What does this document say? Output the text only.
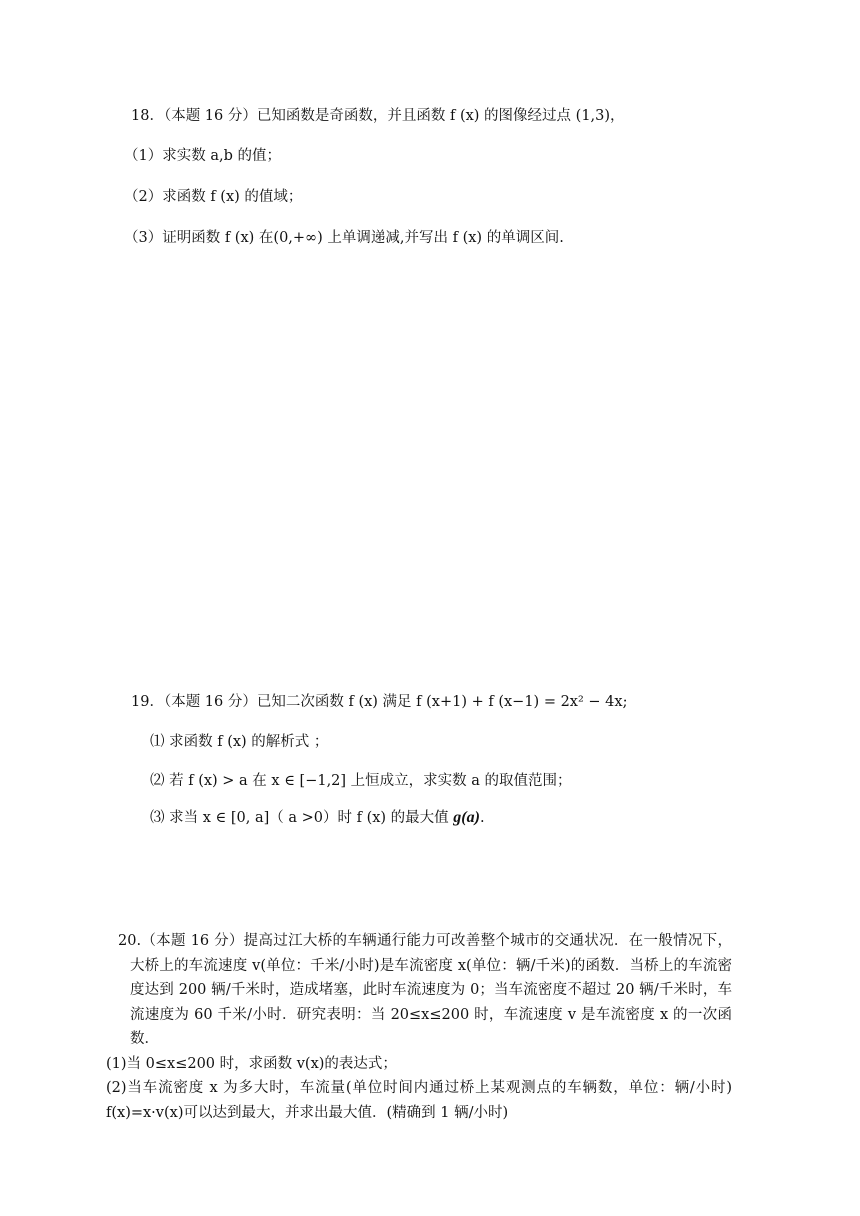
18．（本题 16 分）已知函数是奇函数，并且函数 f (x) 的图像经过点 (1,3)，
（1）求实数 a,b 的值；
（2）求函数 f (x) 的值域；
（3）证明函数 f (x) 在(0,+∞) 上单调递减,并写出 f (x) 的单调区间.
19．（本题 16 分）已知二次函数 f (x) 满足 f (x+1) + f (x−1) = 2x² − 4x;
⑴ 求函数 f (x) 的解析式 ；
⑵ 若 f (x) > a 在 x ∈ [−1,2] 上恒成立，求实数 a 的取值范围；
⑶ 求当 x ∈ [0, a]（ a >0）时 f (x) 的最大值 g(a).
20.（本题 16 分）提高过江大桥的车辆通行能力可改善整个城市的交通状况．在一般情况下，大桥上的车流速度 v(单位：千米/小时)是车流密度 x(单位：辆/千米)的函数．当桥上的车流密度达到 200 辆/千米时，造成堵塞，此时车流速度为 0；当车流密度不超过 20 辆/千米时，车流速度为 60 千米/小时．研究表明：当 20≤x≤200 时，车流速度 v 是车流密度 x 的一次函数．
(1)当 0≤x≤200 时，求函数 v(x)的表达式；
(2)当车流密度 x 为多大时，车流量(单位时间内通过桥上某观测点的车辆数，单位：辆/小时) f(x)=x·v(x)可以达到最大，并求出最大值．(精确到 1 辆/小时)
